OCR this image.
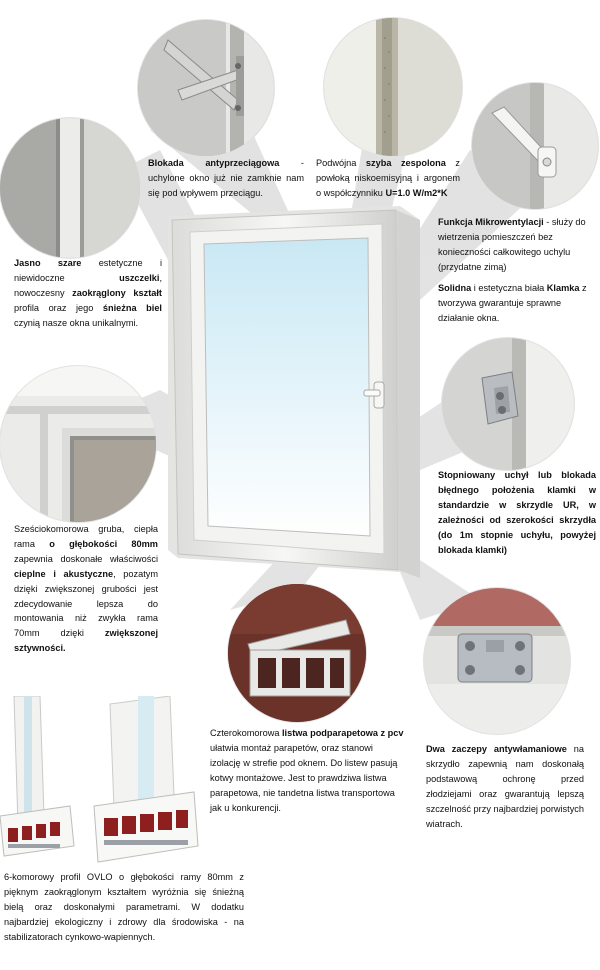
Blokada antyprzeciągowa - uchylone okno już nie zamknie nam się pod wpływem przeciągu.
Podwójna szyba zespolona z powłoką niskoemisyjną i argonem o współczynniku U=1.0 W/m2*K
Funkcja Mikrowentylacji - służy do wietrzenia pomieszczeń bez konieczności całkowitego uchylu (przydatne zimą)
Solidna i estetyczna biała Klamka z tworzywa gwarantuje sprawne działanie okna.
Jasno szare estetyczne i niewidoczne uszczelki, nowoczesny zaokrąglony kształt profila oraz jego śnieżna biel czynią nasze okna unikalnymi.
Stopniowany uchył lub blokada błędnego położenia klamki w standardzie w skrzydle UR, w zależności od szerokości skrzydła (do 1m stopnie uchyłu, powyżej blokada klamki)
Sześciokomorowa gruba, ciepła rama o głębokości 80mm zapewnia doskonałe właściwości cieplne i akustyczne, pozatym dzięki zwiększonej grubości jest zdecydowanie lepsza do montowania niż zwykła rama 70mm dzięki zwiększonej sztywności.
Czterokomorowa listwa podparapetowa z pcv ułatwia montaż parapetów, oraz stanowi izolację w strefie pod oknem. Do listew pasują kotwy montażowe. Jest to prawdziwa listwa parapetowa, nie tandetna listwa transportowa jak u konkurencji.
Dwa zaczepy antywłamaniowe na skrzydło zapewnią nam doskonałą podstawową ochronę przed złodziejami oraz gwarantują lepszą szczelność przy najbardziej porwistych wiatrach.
6-komorowy profil OVLO o głębokości ramy 80mm z pięknym zaokrąglonym kształtem wyróżnia się śnieżną bielą oraz doskonałymi parametrami. W dodatku najbardziej ekologiczny i zdrowy dla środowiska - na stabilizatorach cynkowo-wapiennych.
